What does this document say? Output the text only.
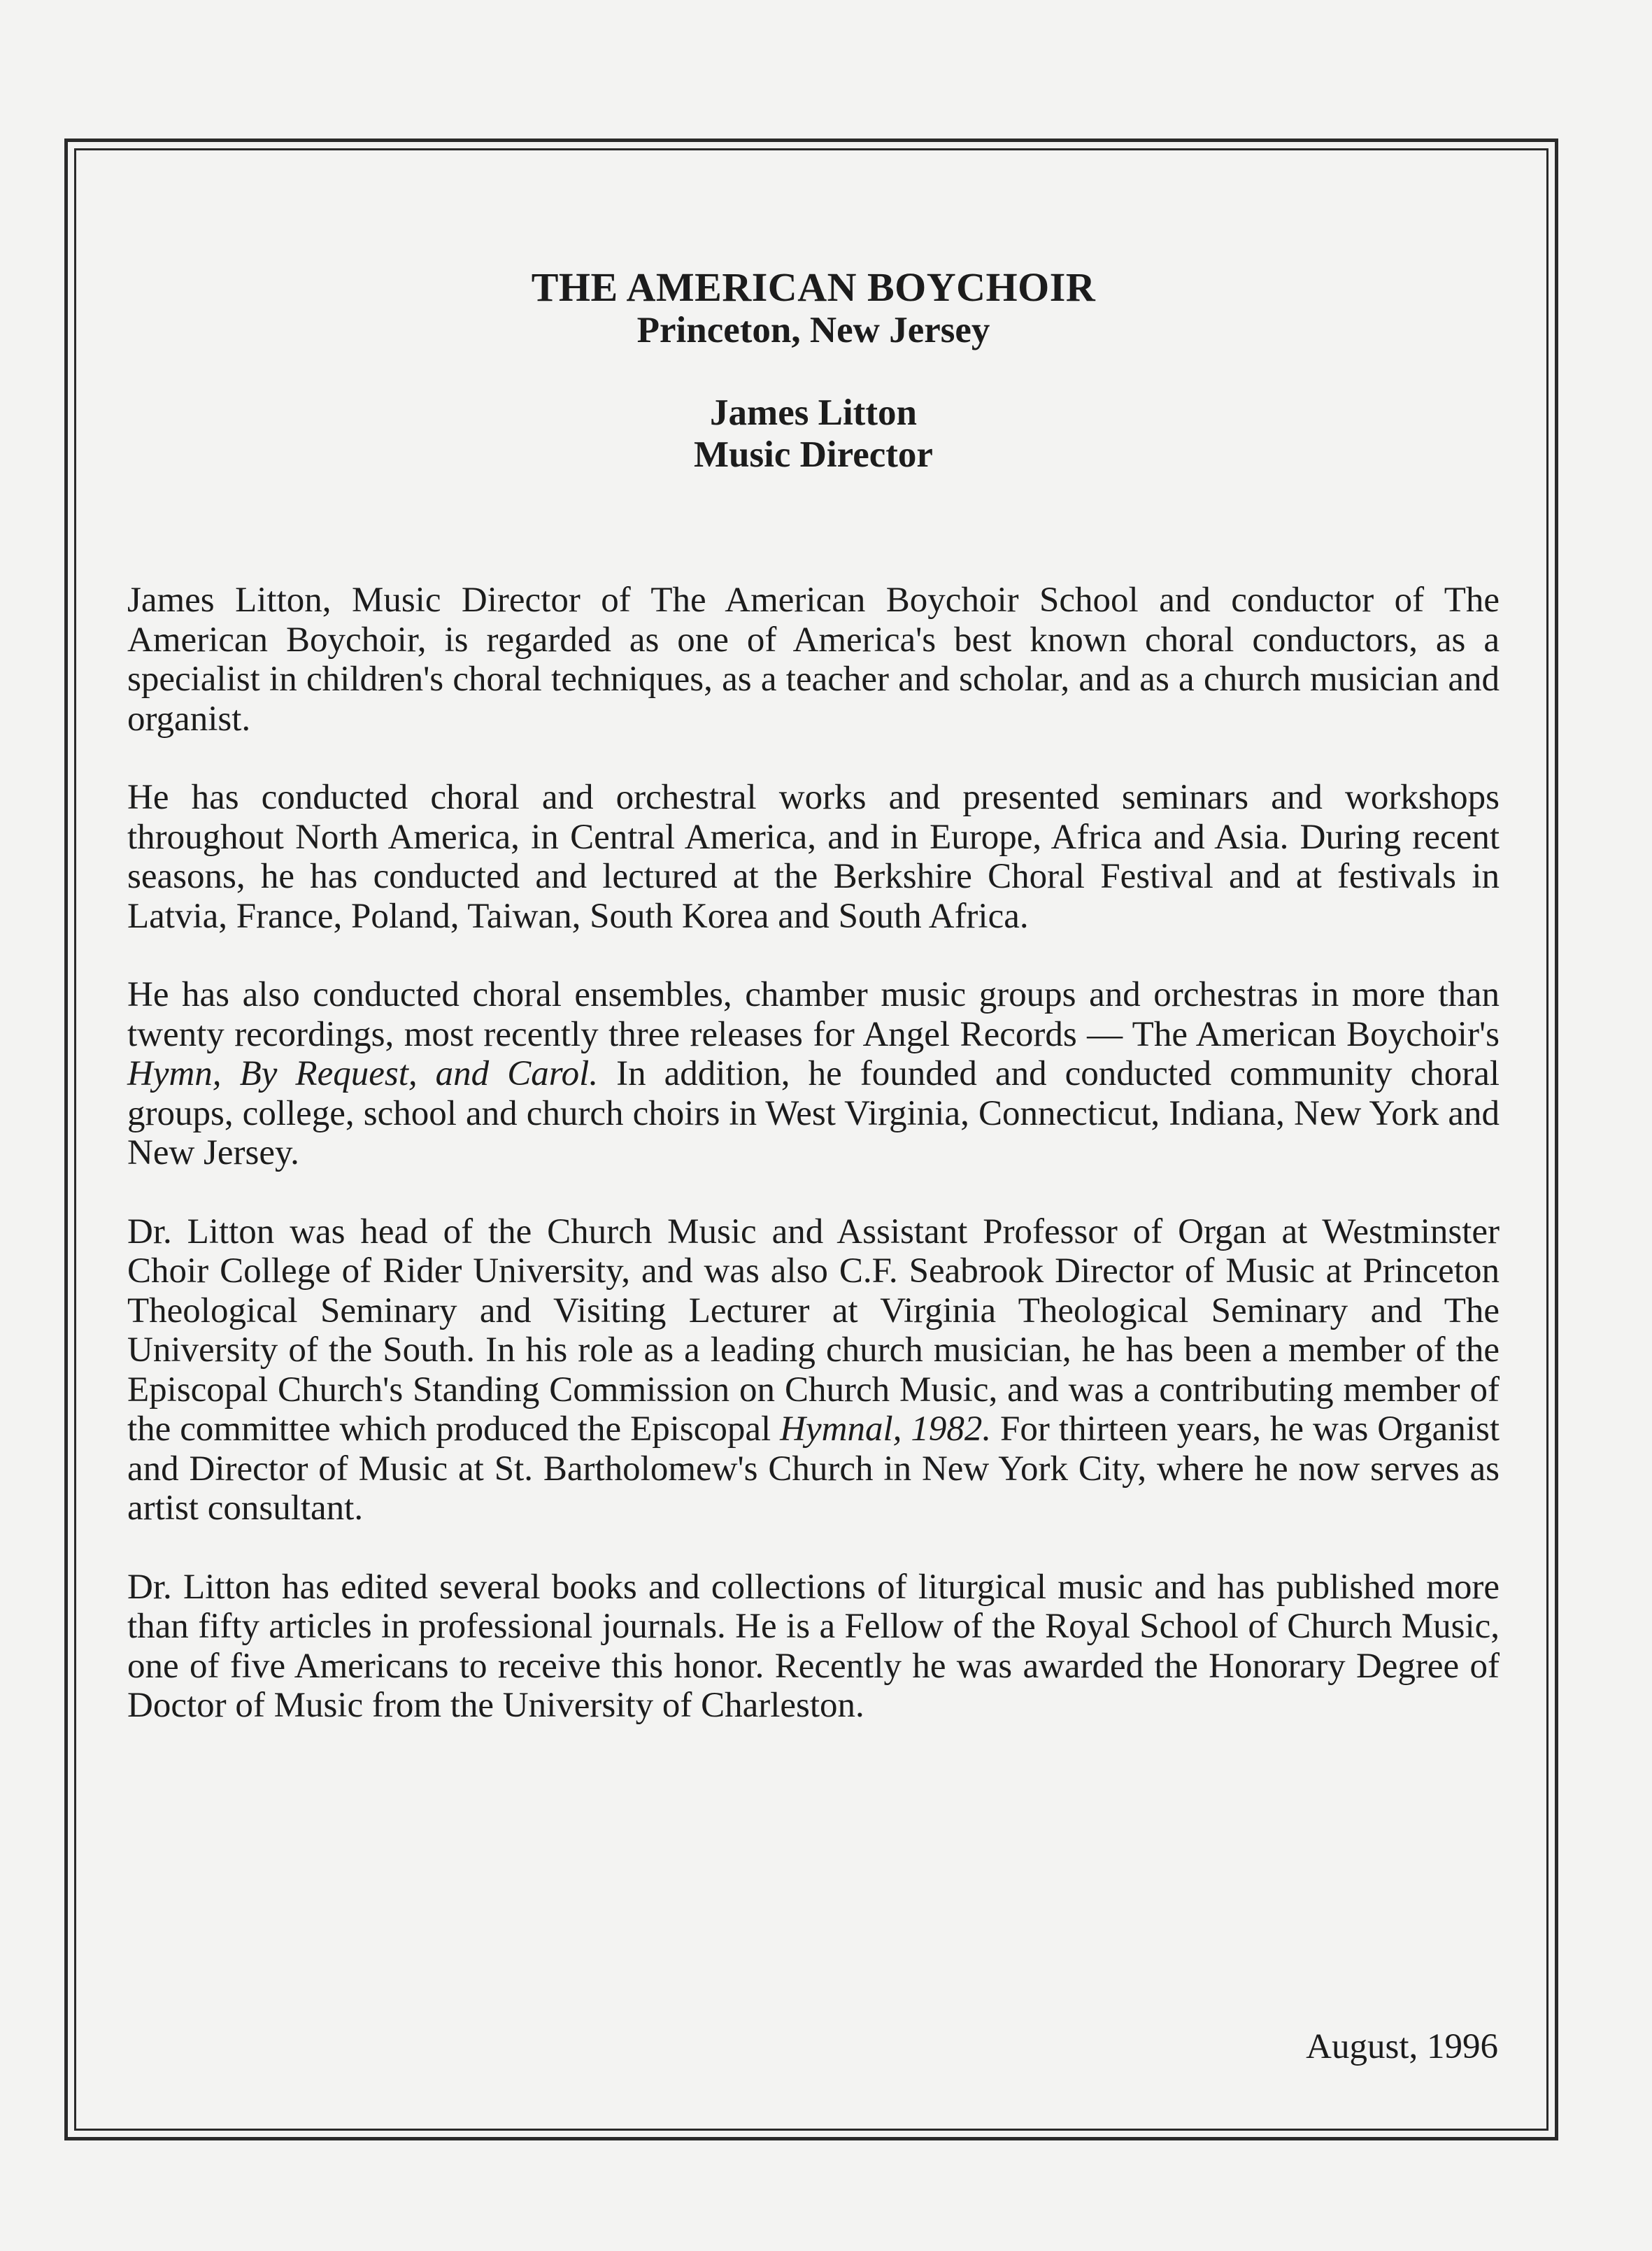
THE AMERICAN BOYCHOIR

Princeton, New Jersey

James Litton

Music Director

James Litton, Music Director of The American Boychoir School and conductor of The American Boychoir, is regarded as one of America's best known choral conductors, as a specialist in children's choral techniques, as a teacher and scholar, and as a church musician and organist.

He has conducted choral and orchestral works and presented seminars and workshops throughout North America, in Central America, and in Europe, Africa and Asia. During recent seasons, he has conducted and lectured at the Berkshire Choral Festival and at festivals in Latvia, France, Poland, Taiwan, South Korea and South Africa.

He has also conducted choral ensembles, chamber music groups and orchestras in more than twenty recordings, most recently three releases for Angel Records — The American Boychoir's Hymn, By Request, and Carol. In addition, he founded and conducted community choral groups, college, school and church choirs in West Virginia, Connecticut, Indiana, New York and New Jersey.

Dr. Litton was head of the Church Music and Assistant Professor of Organ at Westminster Choir College of Rider University, and was also C.F. Seabrook Director of Music at Princeton Theological Seminary and Visiting Lecturer at Virginia Theological Seminary and The University of the South. In his role as a leading church musician, he has been a member of the Episcopal Church's Standing Commission on Church Music, and was a contributing member of the committee which produced the Episcopal Hymnal, 1982. For thirteen years, he was Organist and Director of Music at St. Bartholomew's Church in New York City, where he now serves as artist consultant.

Dr. Litton has edited several books and collections of liturgical music and has published more than fifty articles in professional journals. He is a Fellow of the Royal School of Church Music, one of five Americans to receive this honor. Recently he was awarded the Honorary Degree of Doctor of Music from the University of Charleston.

August, 1996
